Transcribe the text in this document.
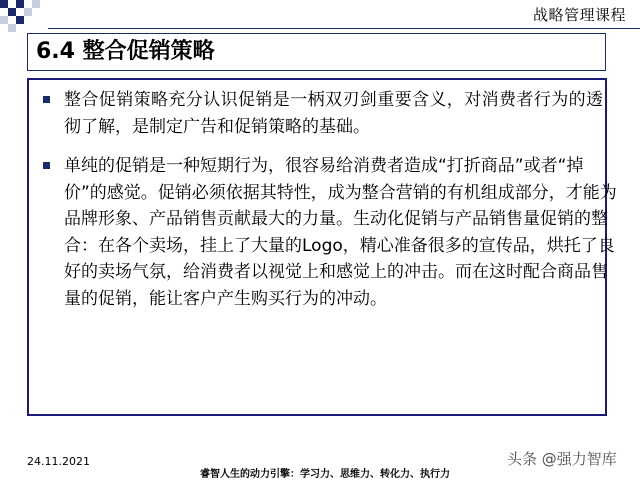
战略管理课程
6.4 整合促销策略
整合促销策略充分认识促销是一柄双刃剑重要含义，对消费者行为的透彻了解，是制定广告和促销策略的基础。
单纯的促销是一种短期行为，很容易给消费者造成“打折商品”或者“掉价”的感觉。促销必须依据其特性，成为整合营销的有机组成部分，才能为品牌形象、产品销售贡献最大的力量。生动化促销与产品销售量促销的整合：在各个卖场，挂上了大量的Logo，精心准备很多的宣传品，烘托了良好的卖场气氛，给消费者以视觉上和感觉上的冲击。而在这时配合商品售量的促销，能让客户产生购买行为的冲动。
24.11.2021
睿智人生的动力引擎：学习力、思维力、转化力、执行力
头条 @强力智库
